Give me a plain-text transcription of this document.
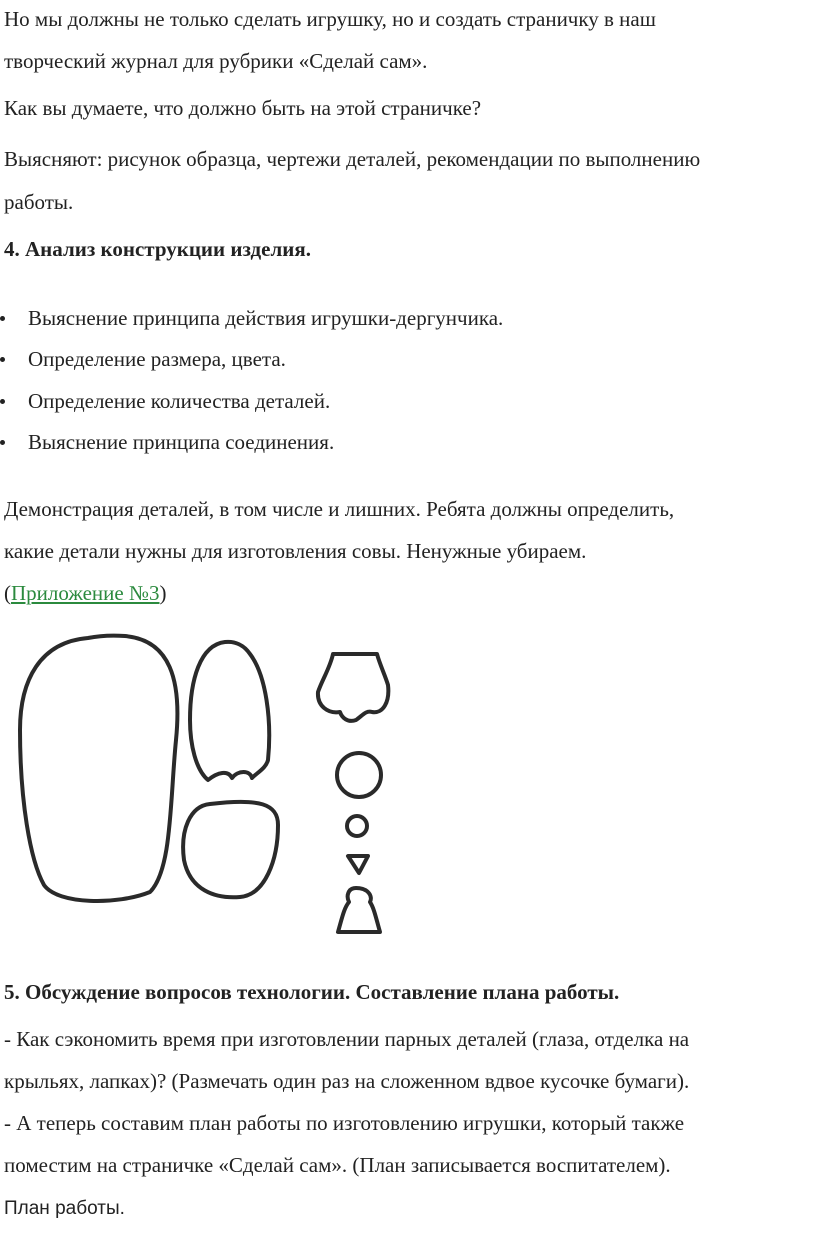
Но мы должны не только сделать игрушку, но и создать страничку в наш
творческий журнал для рубрики «Сделай сам».
Как вы думаете, что должно быть на этой страничке?
Выясняют: рисунок образца, чертежи деталей, рекомендации по выполнению
работы.
4. Анализ конструкции изделия.
Выяснение принципа действия игрушки-дергунчика.
Определение размера, цвета.
Определение количества деталей.
Выяснение принципа соединения.
Демонстрация деталей, в том числе и лишних. Ребята должны определить,
какие детали нужны для изготовления совы. Ненужные убираем.
(Приложение №3)
5. Обсуждение вопросов технологии. Составление плана работы.
- Как сэкономить время при изготовлении парных деталей (глаза, отделка на
крыльях, лапках)? (Размечать один раз на сложенном вдвое кусочке бумаги).
- А теперь составим план работы по изготовлению игрушки, который также
поместим на страничке «Сделай сам». (План записывается воспитателем).
План работы.
